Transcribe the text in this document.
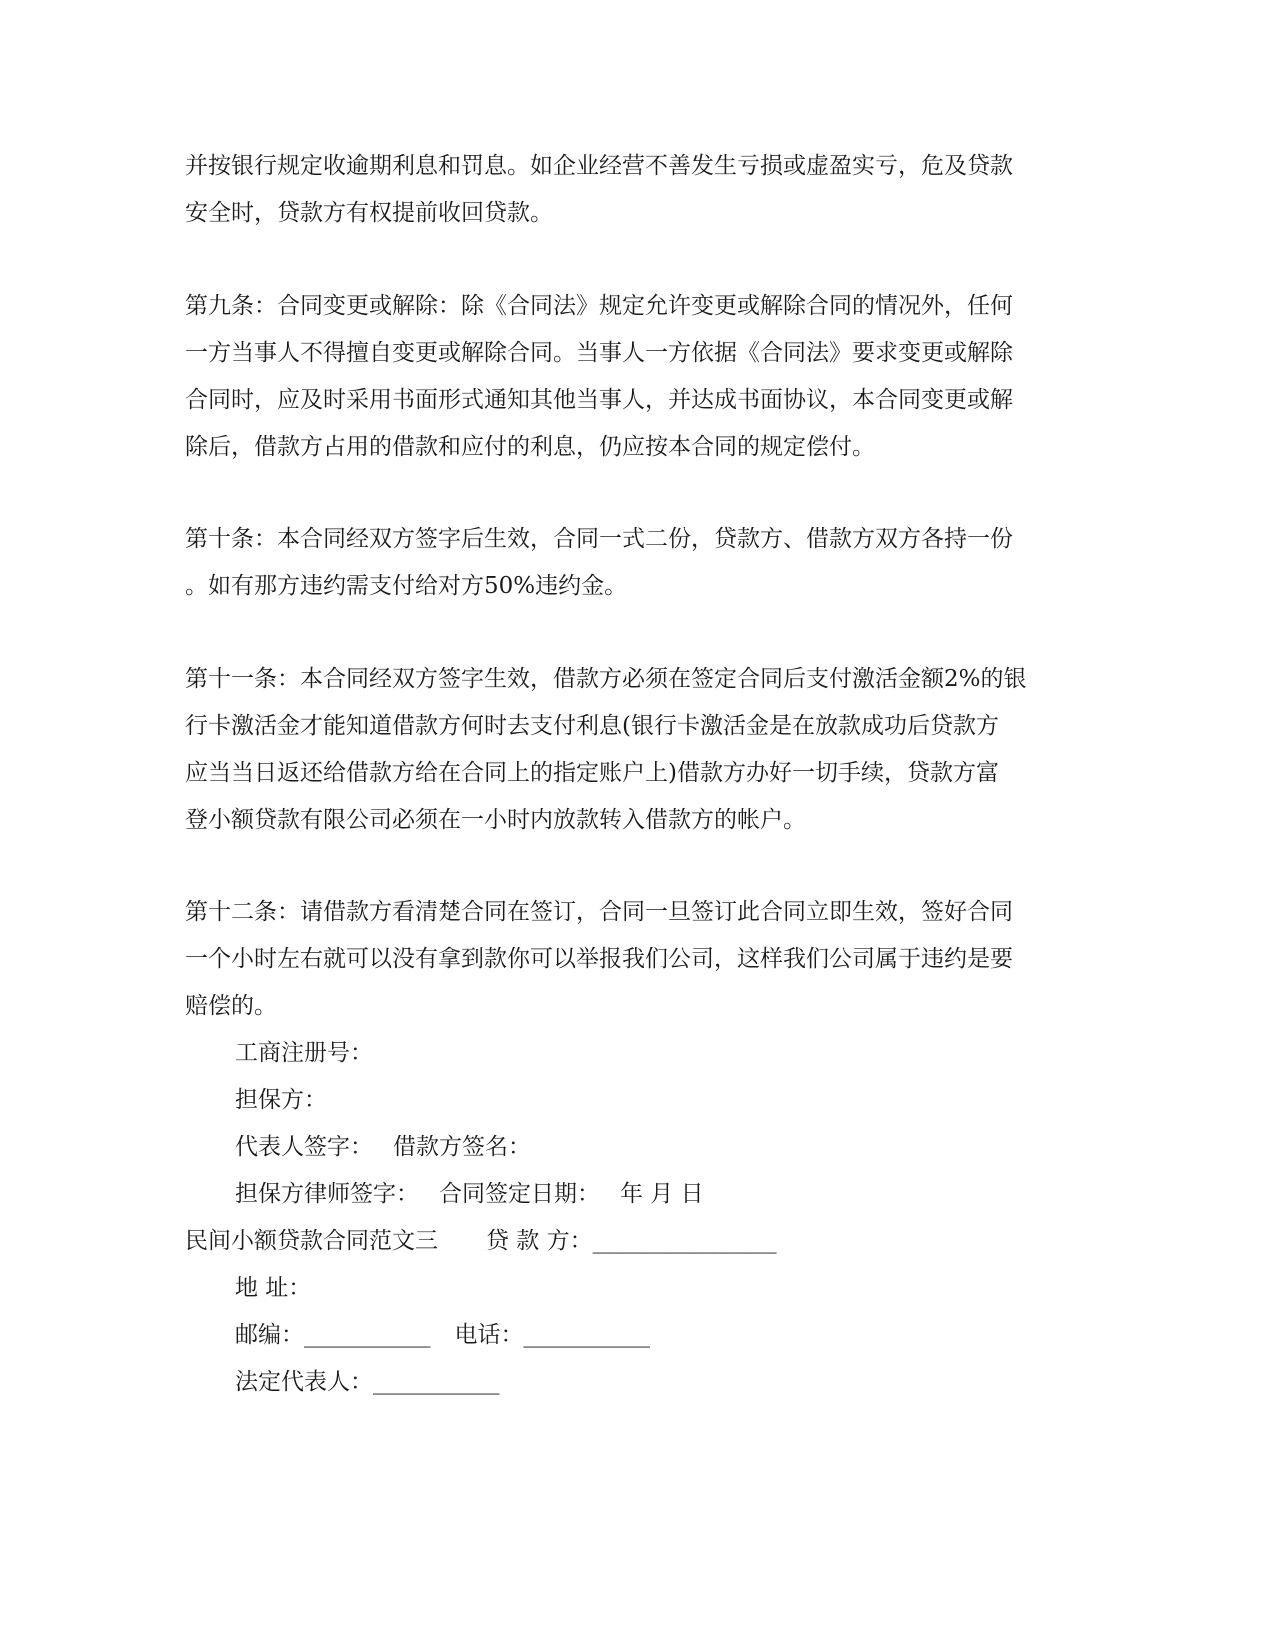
并按银行规定收逾期利息和罚息。如企业经营不善发生亏损或虚盈实亏，危及贷款
安全时，贷款方有权提前收回贷款。
第九条：合同变更或解除：除《合同法》规定允许变更或解除合同的情况外，任何
一方当事人不得擅自变更或解除合同。当事人一方依据《合同法》要求变更或解除
合同时，应及时采用书面形式通知其他当事人，并达成书面协议，本合同变更或解
除后，借款方占用的借款和应付的利息，仍应按本合同的规定偿付。
第十条：本合同经双方签字后生效，合同一式二份，贷款方、借款方双方各持一份
。如有那方违约需支付给对方50%违约金。
第十一条：本合同经双方签字生效，借款方必须在签定合同后支付激活金额2%的银
行卡激活金才能知道借款方何时去支付利息(银行卡激活金是在放款成功后贷款方
应当当日返还给借款方给在合同上的指定账户上)借款方办好一切手续，贷款方富
登小额贷款有限公司必须在一小时内放款转入借款方的帐户。
第十二条：请借款方看清楚合同在签订，合同一旦签订此合同立即生效，签好合同
一个小时左右就可以没有拿到款你可以举报我们公司，这样我们公司属于违约是要
赔偿的。
工商注册号：
担保方：
代表人签字： 借款方签名：
担保方律师签字： 合同签定日期： 年 月 日
民间小额贷款合同范文三 贷 款 方：________________
地 址：
邮编：___________ 电话：___________
法定代表人：___________
